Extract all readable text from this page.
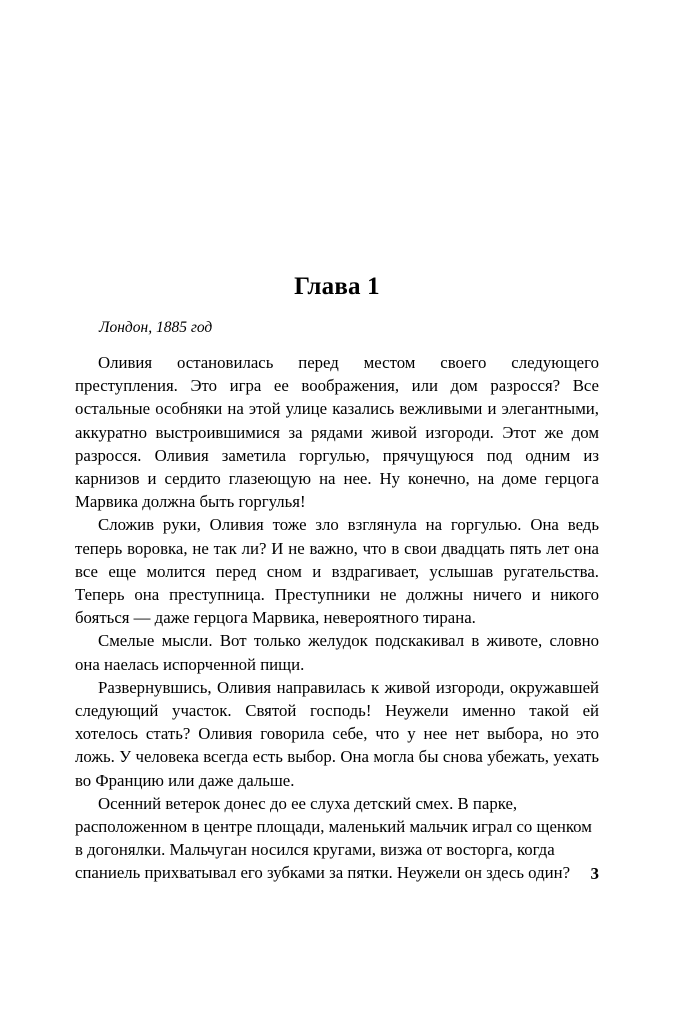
Глава 1

Лондон, 1885 год

Оливия остановилась перед местом своего следующего преступления. Это игра ее воображения, или дом разросся? Все остальные особняки на этой улице казались вежливыми и элегантными, аккуратно выстроившимися за рядами живой изгороди. Этот же дом разросся. Оливия заметила горгулью, прячущуюся под одним из карнизов и сердито глазеющую на нее. Ну конечно, на доме герцога Марвика должна быть горгулья!

Сложив руки, Оливия тоже зло взглянула на горгулью. Она ведь теперь воровка, не так ли? И не важно, что в свои двадцать пять лет она все еще молится перед сном и вздрагивает, услышав ругательства. Теперь она преступница. Преступники не должны ничего и никого бояться — даже герцога Марвика, невероятного тирана.

Смелые мысли. Вот только желудок подскакивал в животе, словно она наелась испорченной пищи.

Развернувшись, Оливия направилась к живой изгороди, окружавшей следующий участок. Святой господь! Неужели именно такой ей хотелось стать? Оливия говорила себе, что у нее нет выбора, но это ложь. У человека всегда есть выбор. Она могла бы снова убежать, уехать во Францию или даже дальше.

Осенний ветерок донес до ее слуха детский смех. В парке, расположенном в центре площади, маленький мальчик играл со щенком в догонялки. Мальчуган носился кругами, визжа от восторга, когда спаниель прихватывал его зубками за пятки. Неужели он здесь один?	3
